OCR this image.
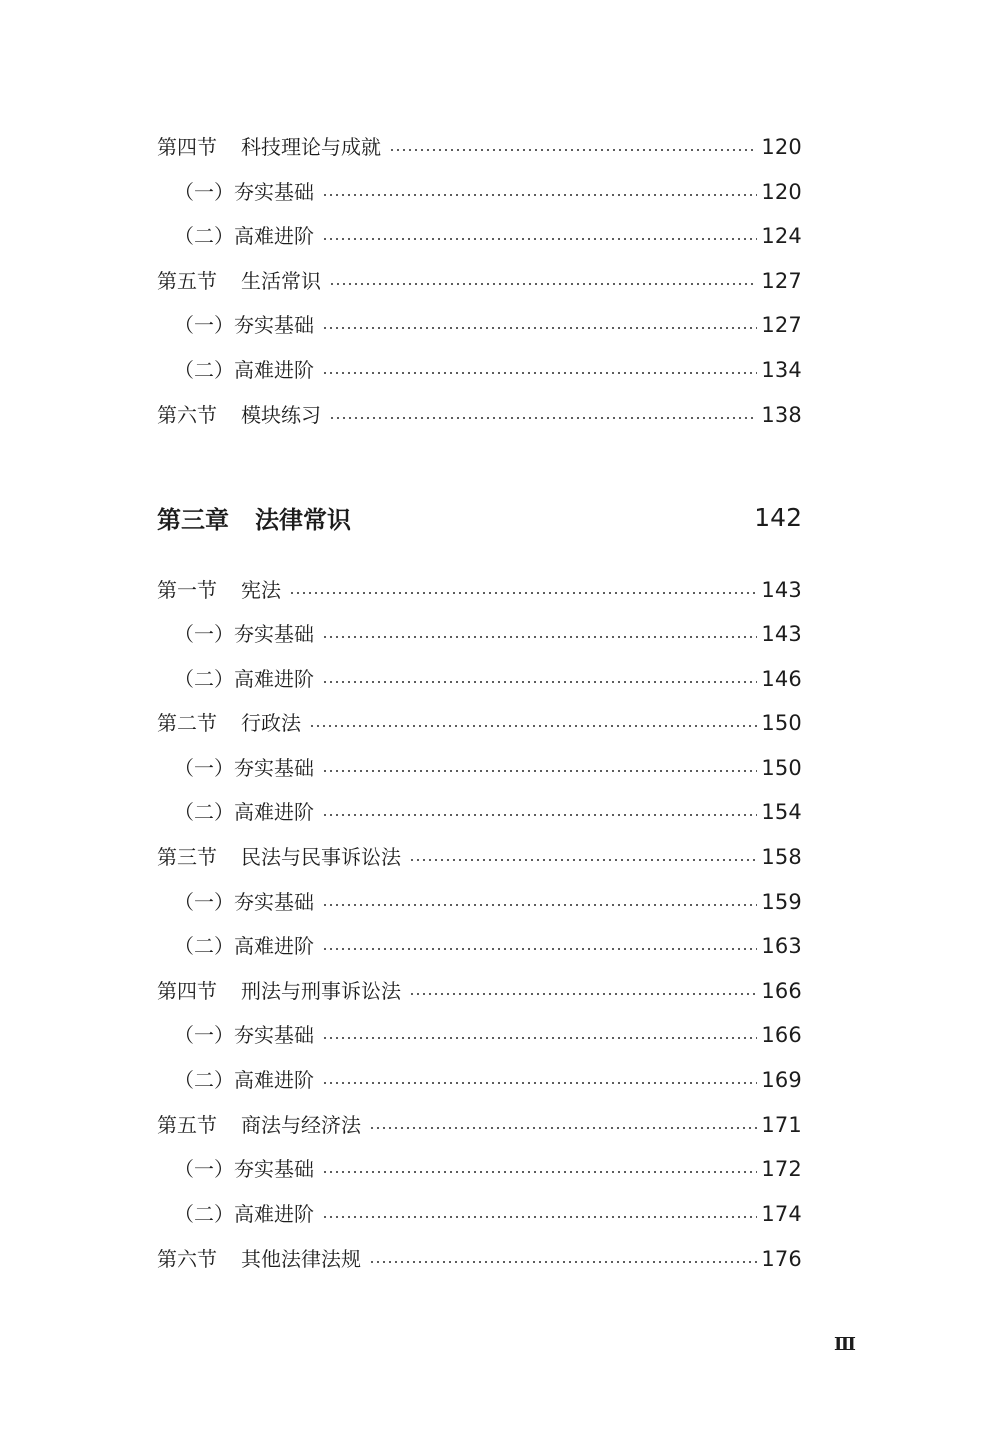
第四节	科技理论与成就	120
（一） 夯实基础	120
（二） 高难进阶	124
第五节	生活常识	127
（一） 夯实基础	127
（二） 高难进阶	134
第六节	模块练习	138
第三章 法律常识	142
第一节	宪法	143
（一） 夯实基础	143
（二） 高难进阶	146
第二节	行政法	150
（一） 夯实基础	150
（二） 高难进阶	154
第三节	民法与民事诉讼法	158
（一） 夯实基础	159
（二） 高难进阶	163
第四节	刑法与刑事诉讼法	166
（一） 夯实基础	166
（二） 高难进阶	169
第五节	商法与经济法	171
（一） 夯实基础	172
（二） 高难进阶	174
第六节	其他法律法规	176
Ⅲ
